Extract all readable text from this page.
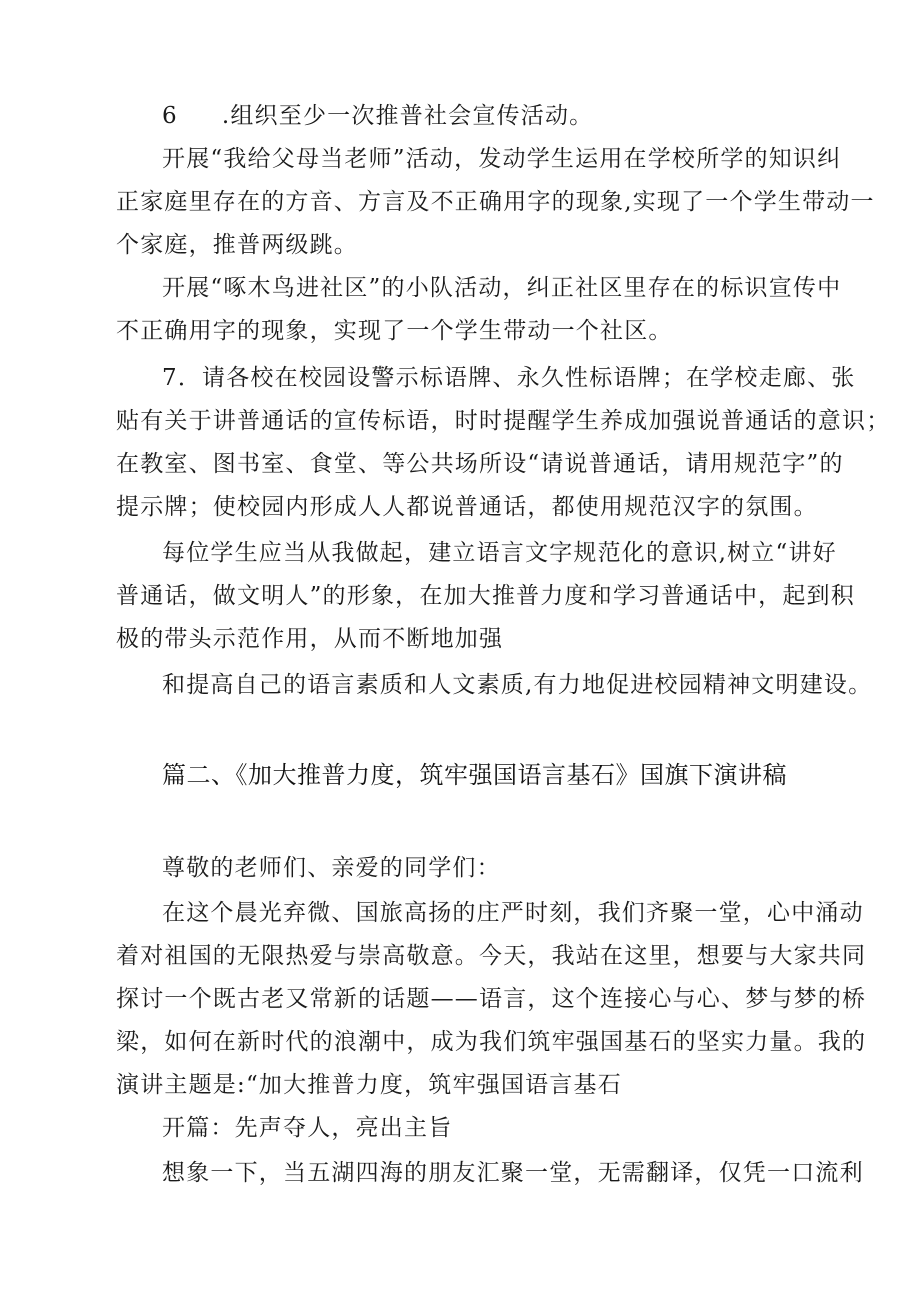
6 .组织至少一次推普社会宣传活动。
开展“我给父母当老师”活动，发动学生运用在学校所学的知识纠
正家庭里存在的方音、方言及不正确用字的现象,实现了一个学生带动一
个家庭，推普两级跳。
开展“啄木鸟进社区”的小队活动，纠正社区里存在的标识宣传中
不正确用字的现象，实现了一个学生带动一个社区。
7．请各校在校园设警示标语牌、永久性标语牌；在学校走廊、张
贴有关于讲普通话的宣传标语，时时提醒学生养成加强说普通话的意识；
在教室、图书室、食堂、等公共场所设“请说普通话，请用规范字”的
提示牌；使校园内形成人人都说普通话，都使用规范汉字的氛围。
每位学生应当从我做起，建立语言文字规范化的意识,树立“讲好
普通话，做文明人”的形象，在加大推普力度和学习普通话中，起到积
极的带头示范作用，从而不断地加强
和提高自己的语言素质和人文素质,有力地促进校园精神文明建设。
篇二、《加大推普力度，筑牢强国语言基石》国旗下演讲稿
尊敬的老师们、亲爱的同学们：
在这个晨光弃微、国旅高扬的庄严时刻，我们齐聚一堂，心中涌动
着对祖国的无限热爱与崇高敬意。今天，我站在这里，想要与大家共同
探讨一个既古老又常新的话题——语言，这个连接心与心、梦与梦的桥
梁，如何在新时代的浪潮中，成为我们筑牢强国基石的坚实力量。我的
演讲主题是:“加大推普力度，筑牢强国语言基石
开篇：先声夺人，亮出主旨
想象一下，当五湖四海的朋友汇聚一堂，无需翻译，仅凭一口流利
